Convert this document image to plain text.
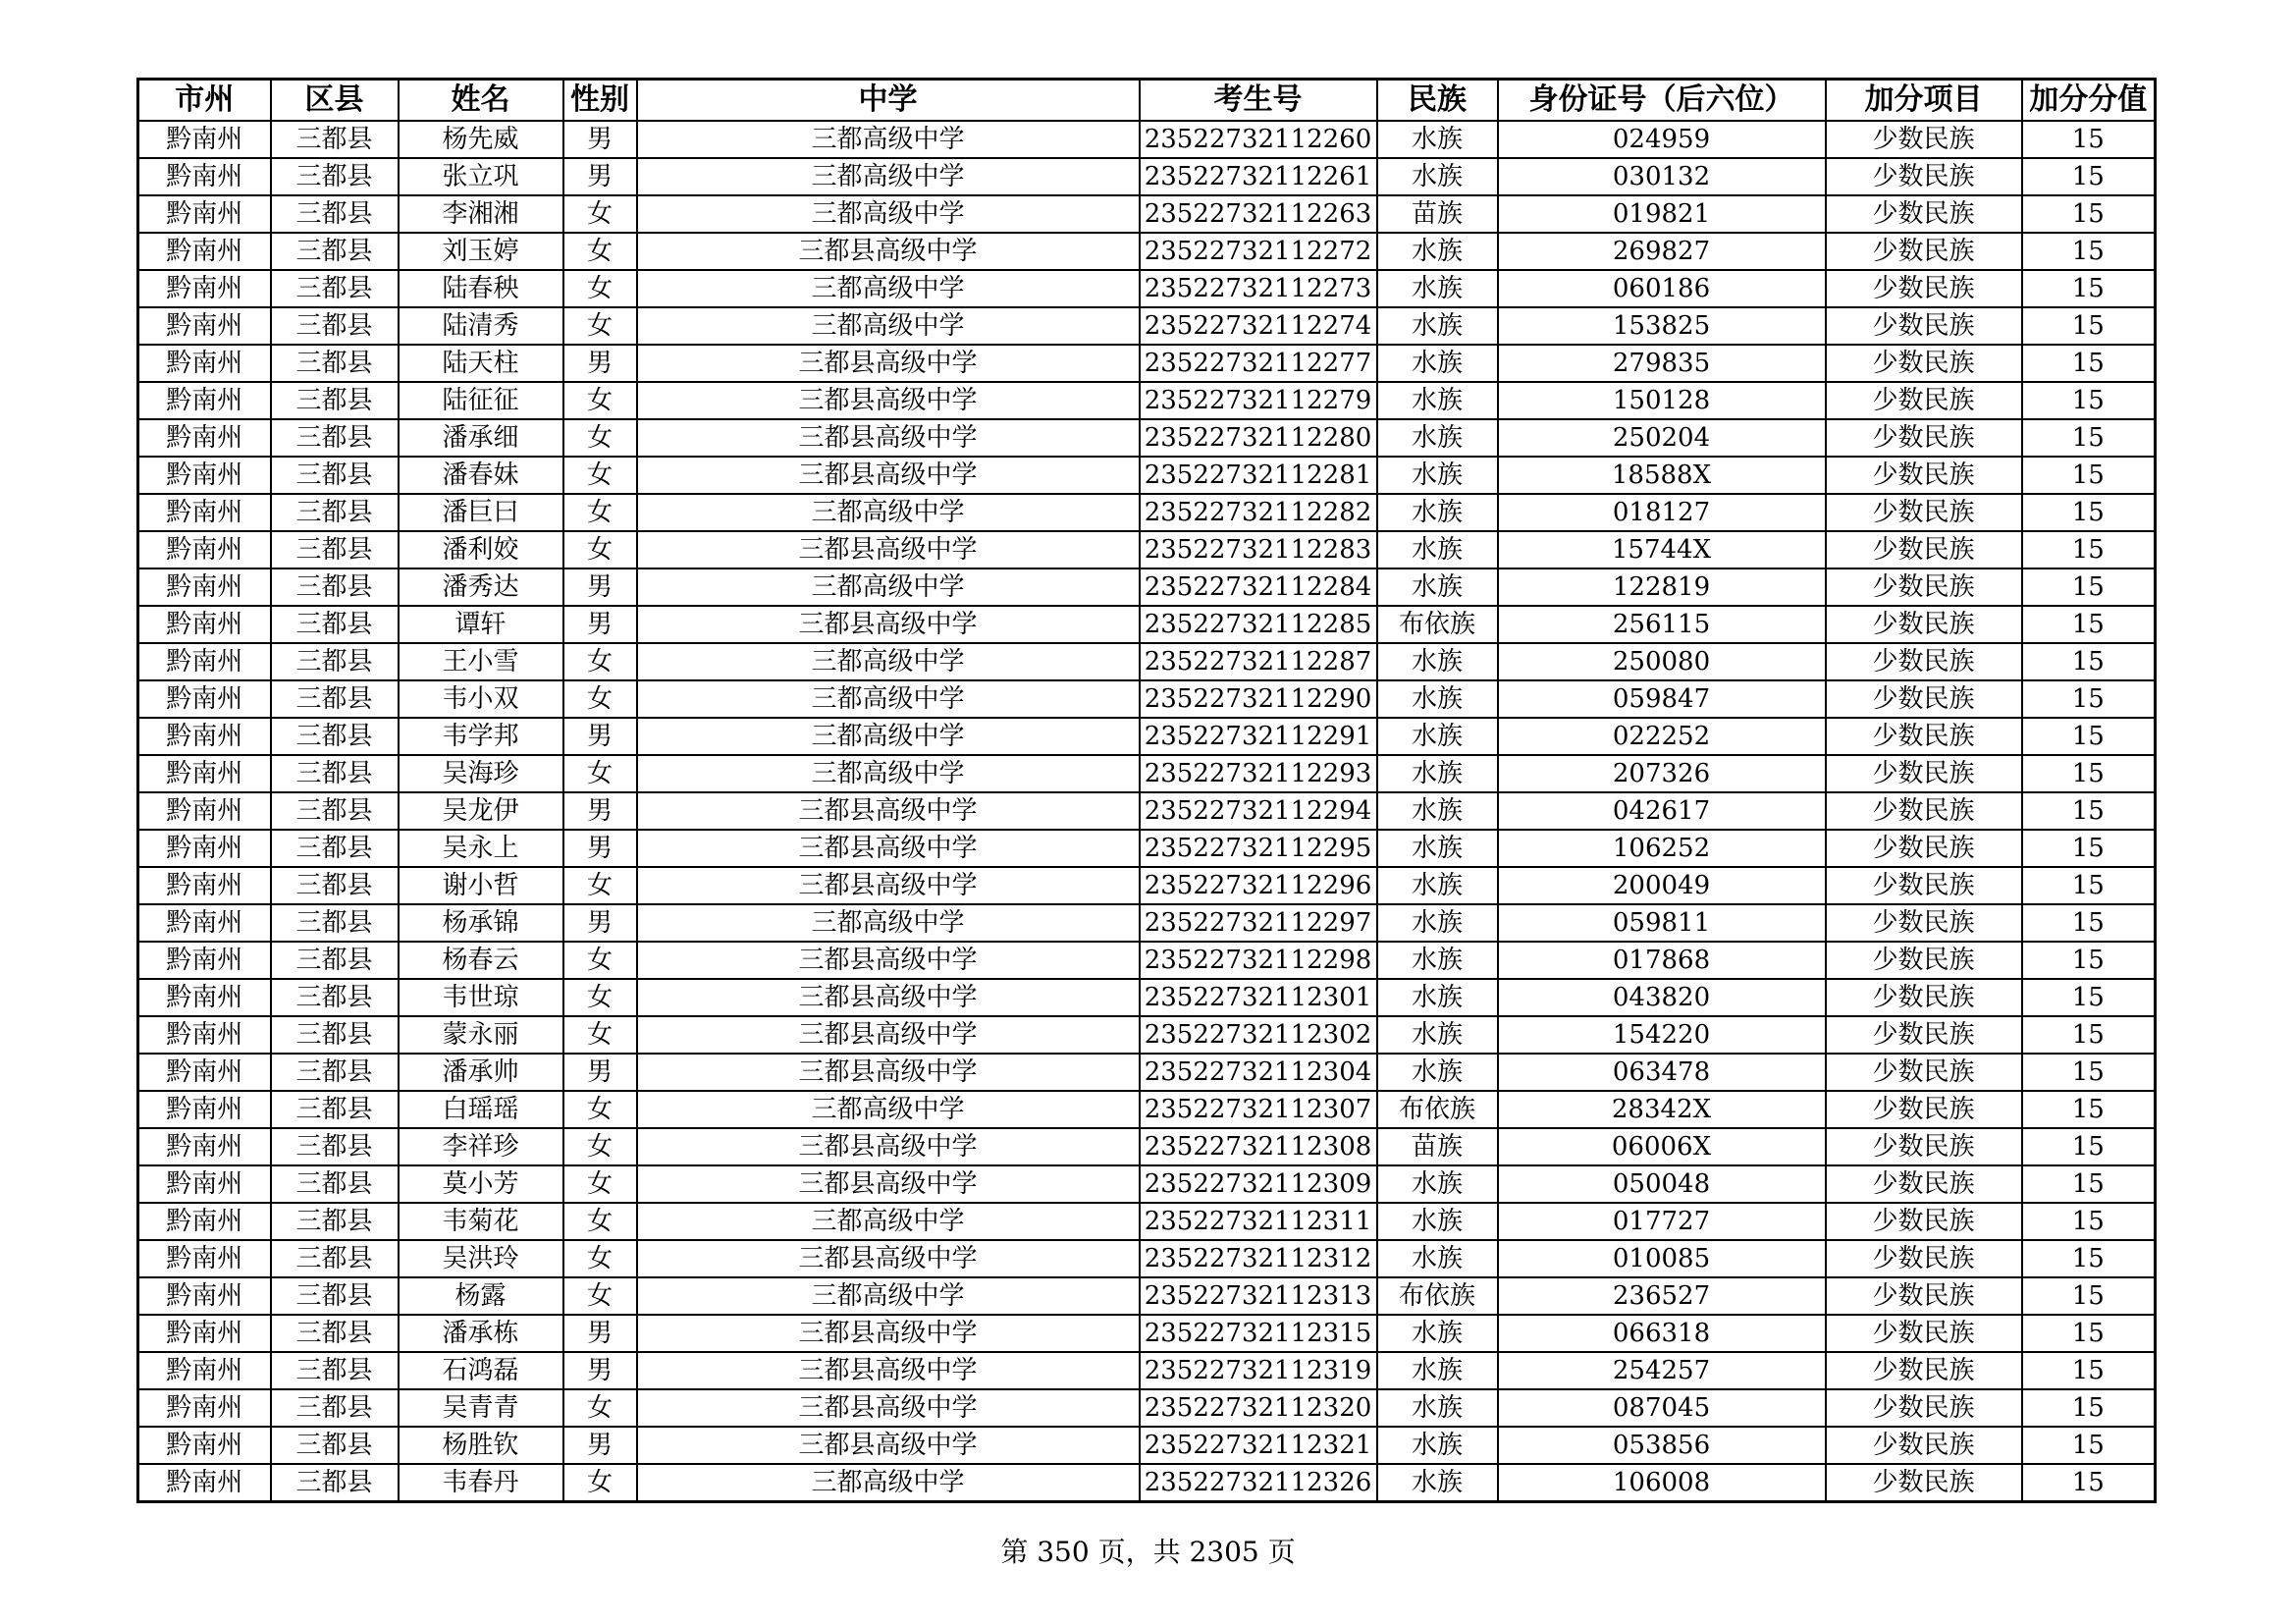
市州	区县	姓名	性别	中学	考生号	民族	身份证号（后六位）	加分项目	加分分值
黔南州	三都县	杨先威	男	三都高级中学	23522732112260	水族	024959	少数民族	15
黔南州	三都县	张立巩	男	三都高级中学	23522732112261	水族	030132	少数民族	15
黔南州	三都县	李湘湘	女	三都高级中学	23522732112263	苗族	019821	少数民族	15
黔南州	三都县	刘玉婷	女	三都县高级中学	23522732112272	水族	269827	少数民族	15
黔南州	三都县	陆春秧	女	三都高级中学	23522732112273	水族	060186	少数民族	15
黔南州	三都县	陆清秀	女	三都高级中学	23522732112274	水族	153825	少数民族	15
黔南州	三都县	陆天柱	男	三都县高级中学	23522732112277	水族	279835	少数民族	15
黔南州	三都县	陆征征	女	三都县高级中学	23522732112279	水族	150128	少数民族	15
黔南州	三都县	潘承细	女	三都县高级中学	23522732112280	水族	250204	少数民族	15
黔南州	三都县	潘春妹	女	三都县高级中学	23522732112281	水族	18588X	少数民族	15
黔南州	三都县	潘巨曰	女	三都高级中学	23522732112282	水族	018127	少数民族	15
黔南州	三都县	潘利姣	女	三都县高级中学	23522732112283	水族	15744X	少数民族	15
黔南州	三都县	潘秀达	男	三都高级中学	23522732112284	水族	122819	少数民族	15
黔南州	三都县	谭轩	男	三都县高级中学	23522732112285	布依族	256115	少数民族	15
黔南州	三都县	王小雪	女	三都高级中学	23522732112287	水族	250080	少数民族	15
黔南州	三都县	韦小双	女	三都高级中学	23522732112290	水族	059847	少数民族	15
黔南州	三都县	韦学邦	男	三都高级中学	23522732112291	水族	022252	少数民族	15
黔南州	三都县	吴海珍	女	三都高级中学	23522732112293	水族	207326	少数民族	15
黔南州	三都县	吴龙伊	男	三都县高级中学	23522732112294	水族	042617	少数民族	15
黔南州	三都县	吴永上	男	三都县高级中学	23522732112295	水族	106252	少数民族	15
黔南州	三都县	谢小哲	女	三都县高级中学	23522732112296	水族	200049	少数民族	15
黔南州	三都县	杨承锦	男	三都高级中学	23522732112297	水族	059811	少数民族	15
黔南州	三都县	杨春云	女	三都县高级中学	23522732112298	水族	017868	少数民族	15
黔南州	三都县	韦世琼	女	三都县高级中学	23522732112301	水族	043820	少数民族	15
黔南州	三都县	蒙永丽	女	三都县高级中学	23522732112302	水族	154220	少数民族	15
黔南州	三都县	潘承帅	男	三都县高级中学	23522732112304	水族	063478	少数民族	15
黔南州	三都县	白瑶瑶	女	三都高级中学	23522732112307	布依族	28342X	少数民族	15
黔南州	三都县	李祥珍	女	三都县高级中学	23522732112308	苗族	06006X	少数民族	15
黔南州	三都县	莫小芳	女	三都县高级中学	23522732112309	水族	050048	少数民族	15
黔南州	三都县	韦菊花	女	三都高级中学	23522732112311	水族	017727	少数民族	15
黔南州	三都县	吴洪玲	女	三都县高级中学	23522732112312	水族	010085	少数民族	15
黔南州	三都县	杨露	女	三都高级中学	23522732112313	布依族	236527	少数民族	15
黔南州	三都县	潘承栋	男	三都县高级中学	23522732112315	水族	066318	少数民族	15
黔南州	三都县	石鸿磊	男	三都县高级中学	23522732112319	水族	254257	少数民族	15
黔南州	三都县	吴青青	女	三都县高级中学	23522732112320	水族	087045	少数民族	15
黔南州	三都县	杨胜钦	男	三都县高级中学	23522732112321	水族	053856	少数民族	15
黔南州	三都县	韦春丹	女	三都高级中学	23522732112326	水族	106008	少数民族	15
第 350 页，共 2305 页
